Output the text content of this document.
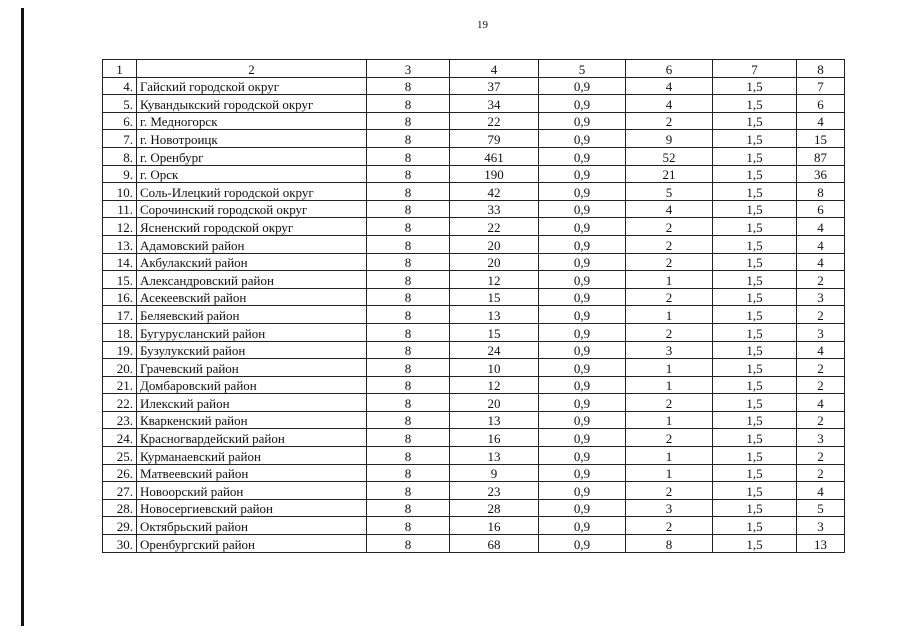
19
1	2	3	4	5	6	7	8
4.	Гайский городской округ	8	37	0,9	4	1,5	7
5.	Кувандыкский городской округ	8	34	0,9	4	1,5	6
6.	г. Медногорск	8	22	0,9	2	1,5	4
7.	г. Новотроицк	8	79	0,9	9	1,5	15
8.	г. Оренбург	8	461	0,9	52	1,5	87
9.	г. Орск	8	190	0,9	21	1,5	36
10.	Соль-Илецкий городской округ	8	42	0,9	5	1,5	8
11.	Сорочинский городской округ	8	33	0,9	4	1,5	6
12.	Ясненский городской округ	8	22	0,9	2	1,5	4
13.	Адамовский район	8	20	0,9	2	1,5	4
14.	Акбулакский район	8	20	0,9	2	1,5	4
15.	Александровский район	8	12	0,9	1	1,5	2
16.	Асекеевский район	8	15	0,9	2	1,5	3
17.	Беляевский район	8	13	0,9	1	1,5	2
18.	Бугурусланский район	8	15	0,9	2	1,5	3
19.	Бузулукский район	8	24	0,9	3	1,5	4
20.	Грачевский район	8	10	0,9	1	1,5	2
21.	Домбаровский район	8	12	0,9	1	1,5	2
22.	Илекский район	8	20	0,9	2	1,5	4
23.	Кваркенский район	8	13	0,9	1	1,5	2
24.	Красногвардейский район	8	16	0,9	2	1,5	3
25.	Курманаевский район	8	13	0,9	1	1,5	2
26.	Матвеевский район	8	9	0,9	1	1,5	2
27.	Новоорский район	8	23	0,9	2	1,5	4
28.	Новосергиевский район	8	28	0,9	3	1,5	5
29.	Октябрьский район	8	16	0,9	2	1,5	3
30.	Оренбургский район	8	68	0,9	8	1,5	13
